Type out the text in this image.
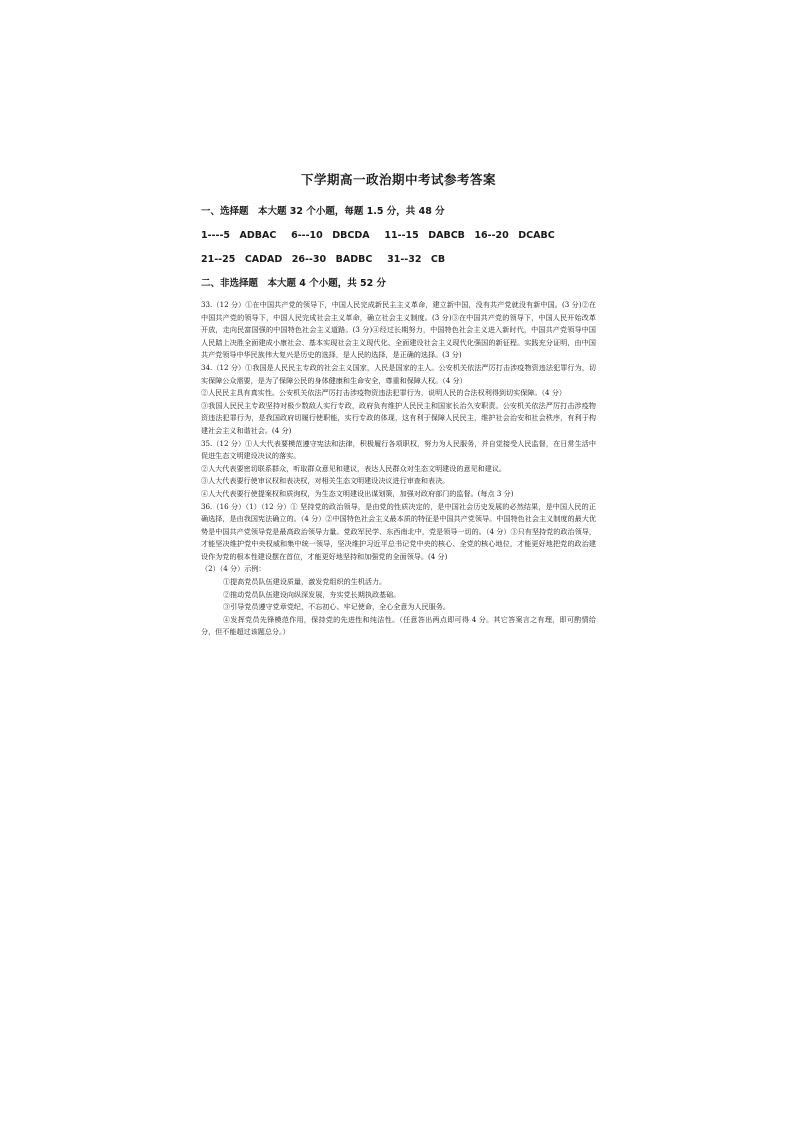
下学期高一政治期中考试参考答案
一、选择题　本大题 32 个小题，每题 1.5 分，共 48 分
1----5　ADBAC　 6---10　DBCDA　 11--15　DABCB　16--20　DCABC
21--25　CADAD　26--30　BADBC　 31--32　CB
二、非选择题　本大题 4 个小题，共 52 分

33.（12 分）①在中国共产党的领导下，中国人民完成新民主主义革命，建立新中国，没有共产党就没有新中国。(3 分)②在中国共产党的领导下，中国人民完成社会主义革命，确立社会主义制度。(3 分)③在中国共产党的领导下，中国人民开始改革开放，走向民富国强的中国特色社会主义道路。(3 分)④经过长期努力，中国特色社会主义进入新时代，中国共产党领导中国人民踏上决胜全面建成小康社会、基本实现社会主义现代化、全面建设社会主义现代化强国的新征程。实践充分证明，由中国共产党领导中华民族伟大复兴是历史的选择，是人民的选择，是正确的选择。(3 分)

34.（12 分）①我国是人民民主专政的社会主义国家，人民是国家的主人。公安机关依法严厉打击涉疫物资违法犯罪行为，切实保障公众需要，是为了保障公民的身体健康和生命安全，尊重和保障人权。（4 分）

②人民民主具有真实性。公安机关依法严厉打击涉疫物资违法犯罪行为，说明人民的合法权利得到切实保障。（4 分）

③我国人民民主专政坚持对极少数敌人实行专政，政府负有维护人民民主和国家长治久安职责。公安机关依法严厉打击涉疫物资违法犯罪行为，是我国政府切履行使职能，实行专政的体现，这有利于保障人民民主，维护社会治安和社会秩序，有利于构建社会主义和谐社会。(4 分)

35.（12 分）①人大代表要模范遵守宪法和法律，积极履行各项职权，努力为人民服务，并自觉接受人民监督，在日常生活中促进生态文明建设决议的落实。

②人大代表要密切联系群众，听取群众意见和建议，表达人民群众对生态文明建设的意见和建议。

③人大代表要行使审议权和表决权，对相关生态文明建设决议进行审查和表决。

④人大代表要行使提案权和质询权，为生态文明建设出谋划策，加强对政府部门的监督。(每点 3 分)

36.（16 分）（1）（12 分）① 坚持党的政治领导，是由党的性质决定的，是中国社会历史发展的必然结果，是中国人民的正确选择，是由我国宪法确立的。（4 分）②中国特色社会主义最本质的特征是中国共产党领导。中国特色社会主义制度的最大优势是中国共产党领导党是最高政治领导力量。党政军民学、东西南北中，党是领导一切的。（4 分）③只有坚持党的政治领导，才能坚决维护党中央权威和集中统一领导，坚决维护习近平总书记党中央的核心、全党的核心地位，才能更好地把党的政治建设作为党的根本性建设摆在首位，才能更好地坚持和加强党的全面领导。(4 分)

（2）（4 分）示例：

①提高党员队伍建设质量，激发党组织的生机活力。

②推动党员队伍建设向纵深发展，夯实党长期执政基础。

③引导党员遵守党章党纪，不忘初心、牢记使命，全心全意为人民服务。

④发挥党员先锋模范作用，保持党的先进性和纯洁性。（任意答出两点即可得 4 分。其它答案言之有理，即可酌情给分，但不能超过该题总分。）
